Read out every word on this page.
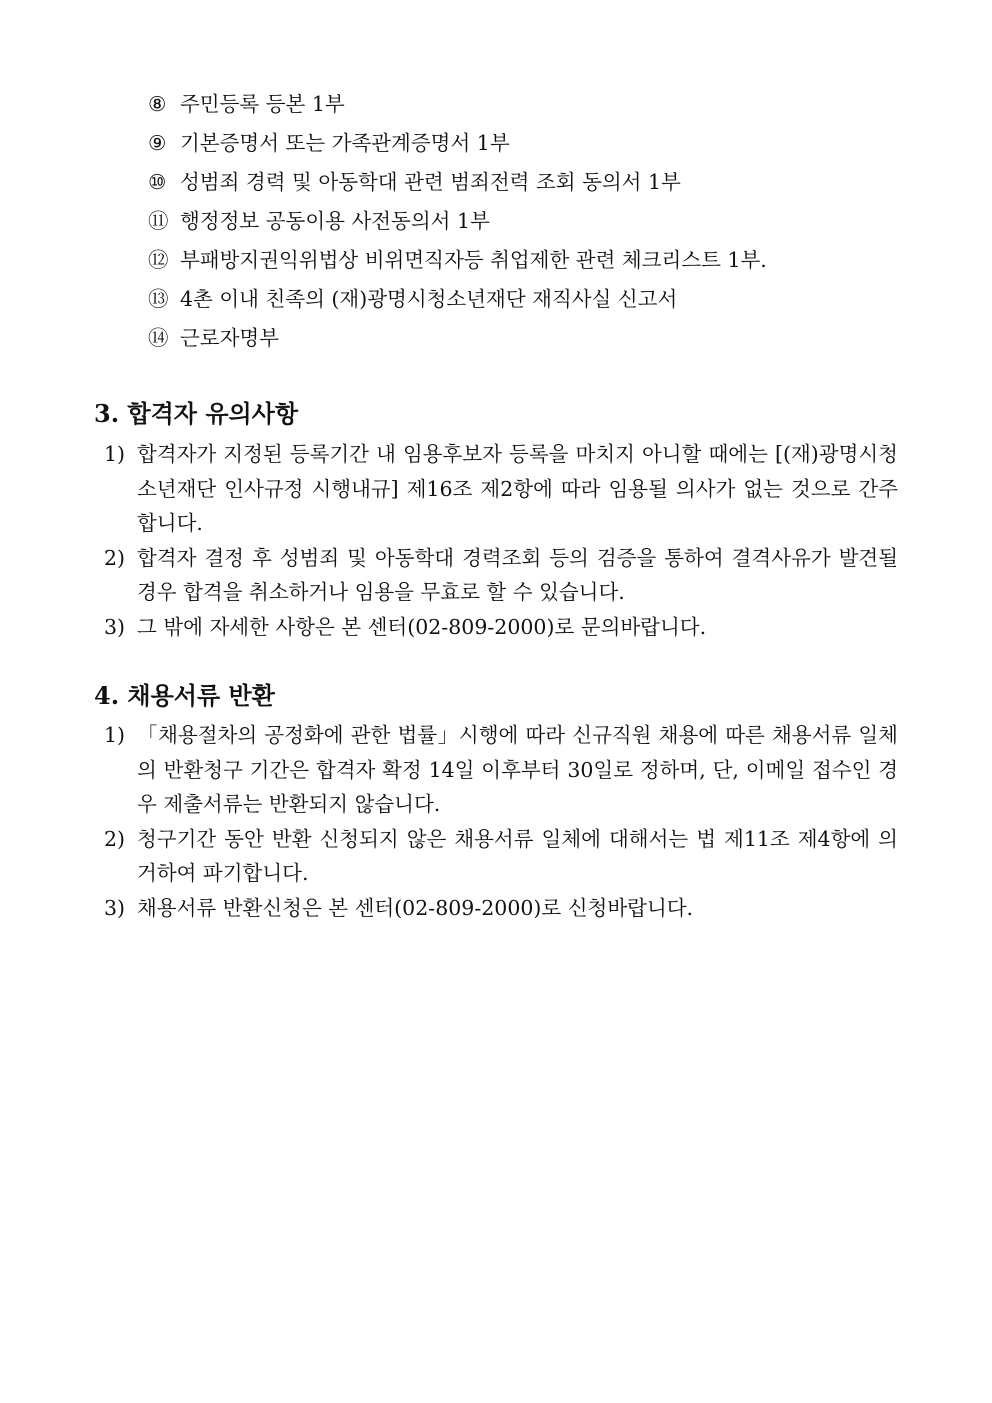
⑧ 주민등록 등본 1부
⑨ 기본증명서 또는 가족관계증명서 1부
⑩ 성범죄 경력 및 아동학대 관련 범죄전력 조회 동의서 1부
⑪ 행정정보 공동이용 사전동의서 1부
⑫ 부패방지권익위법상 비위면직자등 취업제한 관련 체크리스트 1부.
⑬ 4촌 이내 친족의 (재)광명시청소년재단 재직사실 신고서
⑭ 근로자명부
3. 합격자 유의사항
1) 합격자가 지정된 등록기간 내 임용후보자 등록을 마치지 아니할 때에는 [(재)광명시청소년재단 인사규정 시행내규] 제16조 제2항에 따라 임용될 의사가 없는 것으로 간주합니다.
2) 합격자 결정 후 성범죄 및 아동학대 경력조회 등의 검증을 통하여 결격사유가 발견될 경우 합격을 취소하거나 임용을 무효로 할 수 있습니다.
3) 그 밖에 자세한 사항은 본 센터(02-809-2000)로 문의바랍니다.
4. 채용서류 반환
1) 「채용절차의 공정화에 관한 법률」시행에 따라 신규직원 채용에 따른 채용서류 일체의 반환청구 기간은 합격자 확정 14일 이후부터 30일로 정하며, 단, 이메일 접수인 경우 제출서류는 반환되지 않습니다.
2) 청구기간 동안 반환 신청되지 않은 채용서류 일체에 대해서는 법 제11조 제4항에 의거하여 파기합니다.
3) 채용서류 반환신청은 본 센터(02-809-2000)로 신청바랍니다.
